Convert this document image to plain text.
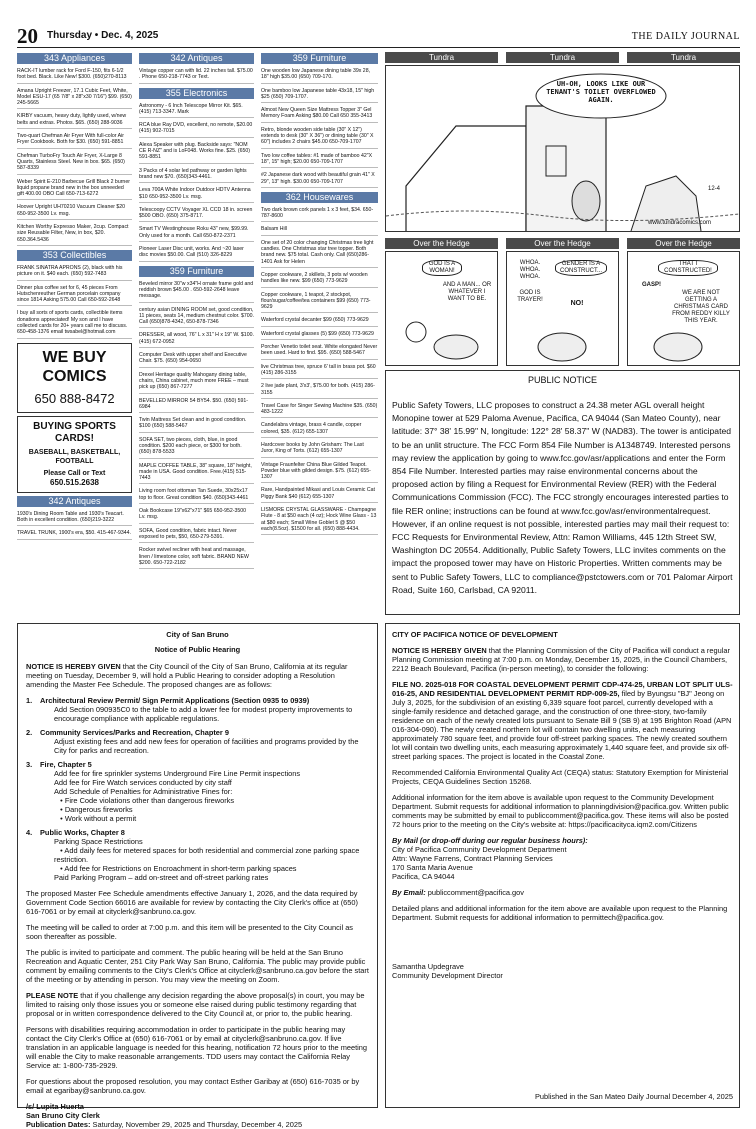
20 Thursday • Dec. 4, 2025	THE DAILY JOURNAL
343 Appliances
RACK-IT lumber rack for Ford F-150, fits 6-1/2 foot bed. Black. Like New! $300. (650)270-8113
Amana Upright Freezer, 17.1 Cubic Feet, White, Model ESU-17 (65 7/8" x 28"x30 7/16") $99. (650) 245-5665
KIRBY vacuum, heavy duty, lightly used, w/new belts and extras. Photos. $65. (650) 288-9036
Two-quart Chefman Air Fryer With full-color Air Fryer Cookbook. Both for $30. (650) 591-8851
Chefman TurboFry Touch Air Fryer, X-Large 8 Quarts, Stainless Steel. New in box. $65. (650) 587-8339
Weber Spirit E-210 Barbecue Grill Black 2 burner liquid propane brand new in the box unneeded gift 400.00 OBO Call 650-713-6272
Hoover Upright UH70210 Vacuum Cleaner $20 650-952-3500 Lv. msg.
Kitchen Worthy Expresso Maker, 2cup. Compact size Reusable Filter, New, in box, $20. 650.364.5436
353 Collectibles
FRANK SINATRA APRONS (2), black with his picture on it. $40 each. (650) 592-7483
Dinner plus coffee set for 6, 45 pieces From Hutschenreuther German porcelain company since 1814 Asking 575.00 Call 650-592-2648
I buy all sorts of sports cards, collectible items donations appreciated! My son and I have collected cards for 20+ years call me to discuss. 650-458-1376 email twsabel@hotmail.com
WE BUY COMICS
650 888-8472
BUYING SPORTS CARDS!
BASEBALL, BASKETBALL, FOOTBALL
Please Call or Text
650.515.2638
342 Antiques
1930's Dining Room Table and 1930's Teacart. Both in excellent condition. (650)219-3222
TRAVEL TRUNK, 1900's era, $50. 415-467-9344.
342 Antiques
Vintage copper can with lid. 22 inches tall. $75.00 . Phone 650-218-7743 or Text.
355 Electronics
Astronomy - 6 Inch Telescope Mirror Kit. $65. (415) 713-3347. Mark
RCA blue Ray DVD, excellent, no remote, $20.00 (415) 902-7015
Alexa Speaker with plug. Backside says: "NOM CE R-NZ" and is LoF048. Works fine. $25. (650) 591-8851
3 Packs of 4 solar led pathway or garden lights brand new $70. (650)343-4461.
Leva 700A White Indoor Outdoor HDTV Antenna $10 650-952-3500 Lv. msg.
Telescoopy CCTV Voyager XL CCD 18 in. screen $500 OBO. (650) 375-8717.
Smart TV Westinghouse Roku 43" new, $99.99. Only used for a month. Call 650-872-2371
Pioneer Laser Disc unit, works. And ~20 laser disc movies $50.00. Call (510) 326-8229
359 Furniture
Beveled mirror 30"w x34"H ornate frame gold and reddish brown $45.00 . 650-592-2648 leave message.
century asian DINING ROOM set, good condition, 11 pieces, seats 14, medium chestnut color. $700. Call (650)878-4342, 650-878-7346
DRESSER, all wood, 76" L x 31" H x 19" W. $100. (415) 672-0952
Computer Desk with upper shelf and Executive Chair. $75. (650) 954-0650
Drexel Heritage quality Mahogany dining table, chairs, China cabinet, much more FREE – must pick up (650) 867-7277
BEVELLED MIRROR 54 BY54. $50. (650) 591-6984
Twin Mattress Set clean and in good condition. $100 (650) 588-5467
SOFA SET, two pieces, cloth, blue, in good condition. $200 each piece, or $300 for both. (650) 878-5533
MAPLE COFFEE TABLE, 38" square, 18" height, made in USA. Good condition. Free.(415) 515-7443
Living room foot ottoman Tan Suede, 30x25x17 top to floor. Great condition $40. (650)343-4461
Oak Bookcase 19"x62"x71" $65 650-952-3500 Lv. msg.
SOFA, Good condition, fabric intact. Never exposed to pets, $50, 650-279-5391.
Rocker swivel recliner with heat and massage, linen / limestone color, soft fabric. BRAND NEW $200. 650-722-2182
359 Furniture
One wooden low Japanese dining table 39x 28, 18" high $35.00 (650) 709-170.
One bamboo low Japanese table 43x18, 15" high $25 (650) 709-1707.
Almost New Queen Size Mattress Topper 3" Gel Memory Foam Asking $80.00 Call 650 355-3413
Retro, blonde wooden side table (30" X 12") extends to desk (30" X 36") or dining table (30" X 60") includes 2 chairs $45.00 650-709-1707
Two low coffee tables: #1 made of bamboo 42"X 18", 15" high; $20.00 650-709-1707
#2 Japanese dark wood with beautiful grain 41" X 29", 13" high. $30.00 650-709-1707
362 Housewares
Two dark brown cork panels 1 x 3 feet, $34. 650-787-8600
Balsam Hill
One set of 20 color changing Christmas tree light candles. One Christmas star tree topper. Both brand new. $75 total. Cash only. Call (650)286-1401 Ask for Helen
Copper cookware, 2 skillets, 3 pots w/ wooden handles like new. $99 (650) 773-9629
Copper cookware, 1 teapot, 2 stockpot, flour/sugar/coffee/tea containers $99 (650) 773-9629
Waterford crystal decanter $99 (650) 773-9629
Waterford crystal glasses (5) $99 (650) 773-9629
Porcher Venetio toilet seat. White elongated Never been used. Hard to find. $95. (650) 588-5467
live Christmas tree, spruce 6' tall in brass pot. $60 (415) 286-3155
2 live jade plant, 3'x3', $75.00 for both. (415) 286-3155
Travel Case for Singer Sewing Machine $35. (650) 483-1222
Candelabra vintage, brass 4 candle, copper colored, $35. (612) 655-1307
Hardcover books by John Grisham: The Last Juror, King of Torts. (612) 655-1307
Vintage Fraunfelter China Blue Gilded Teapot. Powder blue with gilded design. $75. (612) 655-1307
Rare, Handpainted Mikasi and Louis Ceramic Cat Piggy Bank $40 (612) 655-1307
LISMORE CRYSTAL GLASSWARE - Champagne Flute - 8 at $50 each (4 oz); Hock Wine Glass - 13 at $80 each; Small Wine Goblet 5 @ $50 each(8.5oz). $1500 for all. (650) 888-4434.
Tundra	Tundra	Tundra
UH-OH, LOOKS LIKE OUR TENANT'S TOILET OVERFLOWED AGAIN.
12-4
www.tundracomics.com
Over the Hedge	Over the Hedge	Over the Hedge
GOD IS A WOMAN!
AND A MAN... OR WHATEVER I WANT TO BE.
WHOA. WHOA. WHOA.
GOD IS TRAYER!
GENDER IS A CONSTRUCT...
NO!
THAT I CONSTRUCTED!
GASP!
WE ARE NOT GETTING A CHRISTMAS CARD FROM REDDY KILLY THIS YEAR.
PUBLIC NOTICE
Public Safety Towers, LLC proposes to construct a 24.38 meter AGL overall height Monopine tower at 529 Paloma Avenue, Pacifica, CA 94044 (San Mateo County), near latitude: 37° 38' 15.99" N, longitude: 122° 28' 58.37" W (NAD83). The tower is anticipated to be an unlit structure. The FCC Form 854 File Number is A1348749. Interested persons may review the application by going to www.fcc.gov/asr/applications and enter the Form 854 File Number. Interested parties may raise environmental concerns about the proposed action by filing a Request for Environmental Review (RER) with the Federal Communications Commission (FCC). The FCC strongly encourages interested parties to file RER online; instructions can be found at www.fcc.gov/asr/environmentalrequest. However, if an online request is not possible, interested parties may mail their request to: FCC Requests for Environmental Review, Attn: Ramon Williams, 445 12th Street SW, Washington DC 20554. Additionally, Public Safety Towers, LLC invites comments on the impact the proposed tower may have on Historic Properties. Written comments may be sent to Public Safety Towers, LLC to compliance@pstctowers.com or 701 Palomar Airport Road, Suite 160, Carlsbad, CA 92011.
City of San Bruno
Notice of Public Hearing

NOTICE IS HEREBY GIVEN that the City Council of the City of San Bruno, California at its regular meeting on Tuesday, December 9, will hold a Public Hearing to consider adopting a Resolution amending the Master Fee Schedule. The proposed changes are as follows:

1. Architectural Review Permit/ Sign Permit Applications (Section 0935 to 0939)
Add Section 090935C0 to the table to add a lower fee for modest property improvements to encourage compliance with applicable regulations.
2. Community Services/Parks and Recreation, Chapter 9
Adjust existing fees and add new fees for operation of facilities and programs provided by the City for parks and recreation.
3. Fire, Chapter 5
Add fee for fire sprinkler systems Underground Fire Line Permit inspections
Add fee for Fire Watch services conducted by city staff
Add Schedule of Penalties for Administrative Fines for:
• Fire Code violations other than dangerous fireworks
• Dangerous fireworks
• Work without a permit
4. Public Works, Chapter 8
Parking Space Restrictions
• Add daily fees for metered spaces for both residential and commercial zone parking space restriction.
• Add fee for Restrictions on Encroachment in short-term parking spaces
Paid Parking Program – add on-street and off-street parking rates

The proposed Master Fee Schedule amendments effective January 1, 2026, and the data required by Government Code Section 66016 are available for review by contacting the City Clerk's office at (650) 616-7061 or by email at cityclerk@sanbruno.ca.gov.

The meeting will be called to order at 7:00 p.m. and this item will be presented to the City Council as soon thereafter as possible.

The public is invited to participate and comment. The public hearing will be held at the San Bruno Recreation and Aquatic Center, 251 City Park Way San Bruno, California. The public may provide public comment by emailing comments to the City's Clerk's Office at cityclerk@sanbruno.ca.gov before the start of the meeting or by attending in person. You may view the meeting on Zoom.

PLEASE NOTE that if you challenge any decision regarding the above proposal(s) in court, you may be limited to raising only those issues you or someone else raised during public testimony regarding that proposal or in written correspondence delivered to the City Council at, or prior to, the public hearing.

Persons with disabilities requiring accommodation in order to participate in the public hearing may contact the City Clerk's Office at (650) 616-7061 or by email at cityclerk@sanbruno.ca.gov. If live translation in an applicable language is needed for this hearing, notification 72 hours prior to the meeting will enable the City to make reasonable arrangements. TDD users may contact the California Relay Service at: 1-800-735-2929.

For questions about the proposed resolution, you may contact Esther Garibay at (650) 616-7035 or by email at egaribay@sanbruno.ca.gov.

/s/ Lupita Huerta
San Bruno City Clerk
Publication Dates: Saturday, November 29, 2025 and Thursday, December 4, 2025
CITY OF PACIFICA NOTICE OF DEVELOPMENT

NOTICE IS HEREBY GIVEN that the Planning Commission of the City of Pacifica will conduct a regular Planning Commission meeting at 7:00 p.m. on Monday, December 15, 2025, in the Council Chambers, 2212 Beach Boulevard, Pacifica (in-person meeting), to consider the following:

FILE NO. 2025-018 FOR COASTAL DEVELOPMENT PERMIT CDP-474-25, URBAN LOT SPLIT ULS-016-25, AND RESIDENTIAL DEVELOPMENT PERMIT RDP-009-25, filed by Byungsu "BJ" Jeong on July 3, 2025, for the subdivision of an existing 6,339 square foot parcel, currently developed with a single-family residence and detached garage, and the construction of one three-story, two-family residence on each of the newly created lots pursuant to Senate Bill 9 (SB 9) at 195 Brighton Road (APN 016-304-090). The newly created northern lot will contain two dwelling units, each measuring approximately 780 square feet, and provide four off-street parking spaces. The newly created southern lot will contain two dwelling units, each measuring approximately 1,440 square feet, and provide six off-street parking spaces. The project is located in the Coastal Zone.

Recommended California Environmental Quality Act (CEQA) status: Statutory Exemption for Ministerial Projects, CEQA Guidelines Section 15268.

Additional information for the item above is available upon request to the Community Development Department. Submit requests for additional information to planningdivision@pacifica.gov. Written public comments may be submitted by email to publiccomment@pacifica.gov. These items will also be posted 72 hours prior to the meeting on the City's website at: https://pacificacityca.iqm2.com/Citizens

By Mail (or drop-off during our regular business hours):
City of Pacifica Community Development Department
Attn: Wayne Farrens, Contract Planning Services
170 Santa Maria Avenue
Pacifica, CA 94044

By Email: publiccomment@pacifica.gov

Detailed plans and additional information for the item above are available upon request to the Planning Department. Submit requests for additional information to permittech@pacifica.gov.

Samantha Updegrave
Community Development Director
Published in the San Mateo Daily Journal December 4, 2025
